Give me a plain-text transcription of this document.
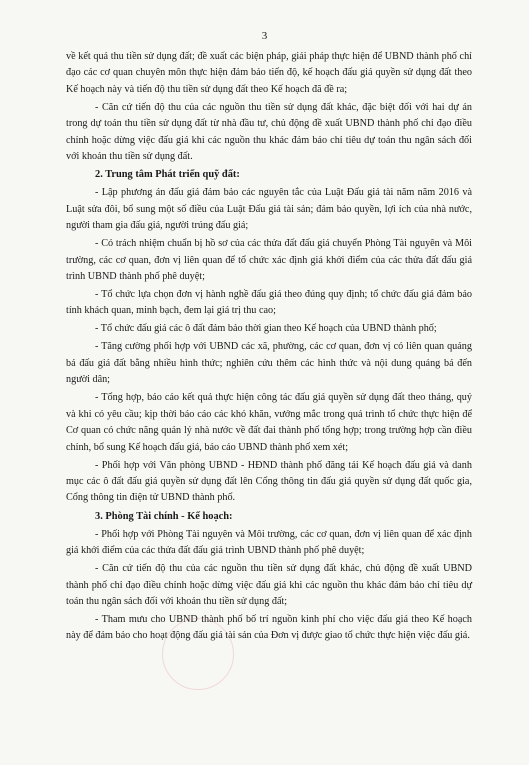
3

về kết quả thu tiền sử dụng đất; đề xuất các biện pháp, giải pháp thực hiện để UBND thành phố chỉ đạo các cơ quan chuyên môn thực hiện đảm bảo tiến độ, kế hoạch đấu giá quyền sử dụng đất theo Kế hoạch này và tiến độ thu tiền sử dụng đất theo Kế hoạch đã đề ra;

- Căn cứ tiến độ thu của các nguồn thu tiền sử dụng đất khác, đặc biệt đối với hai dự án trong dự toán thu tiền sử dụng đất từ nhà đầu tư, chủ động đề xuất UBND thành phố chỉ đạo điều chỉnh hoặc dừng việc đấu giá khi các nguồn thu khác đảm bảo chỉ tiêu dự toán thu ngân sách đối với khoản thu tiền sử dụng đất.

2. Trung tâm Phát triển quỹ đất:

- Lập phương án đấu giá đảm bảo các nguyên tắc của Luật Đấu giá tài năm năm 2016 và Luật sửa đôi, bổ sung một số điều của Luật Đấu giá tài sản; đảm bảo quyền, lợi ích của nhà nước, người tham gia đấu giá, người trúng đấu giá;

- Có trách nhiệm chuẩn bị hồ sơ của các thửa đất đấu giá chuyển Phòng Tài nguyên và Môi trường, các cơ quan, đơn vị liên quan để tổ chức xác định giá khởi điểm của các thửa đất đấu giá trình UBND thành phố phê duyệt;

- Tổ chức lựa chọn đơn vị hành nghề đấu giá theo đúng quy định; tổ chức đấu giá đảm bảo tính khách quan, minh bạch, đem lại giá trị thu cao;

- Tổ chức đấu giá các ô đất đảm bảo thời gian theo Kế hoạch của UBND thành phố;

- Tăng cường phối hợp với UBND các xã, phường, các cơ quan, đơn vị có liên quan quảng bá đấu giá đất bằng nhiều hình thức; nghiên cứu thêm các hình thức và nội dung quảng bá đến người dân;

- Tổng hợp, báo cáo kết quả thực hiện công tác đấu giá quyền sử dụng đất theo tháng, quý và khi có yêu cầu; kịp thời báo cáo các khó khăn, vướng mắc trong quá trình tổ chức thực hiện để Cơ quan có chức năng quản lý nhà nước về đất đai thành phố tổng hợp; trong trường hợp cần điều chỉnh, bổ sung Kế hoạch đấu giá, báo cáo UBND thành phố xem xét;

- Phối hợp với Văn phòng UBND - HĐND thành phố đăng tải Kế hoạch đấu giá và danh mục các ô đất đấu giá quyền sử dụng đất lên Cổng thông tin đấu giá quyền sử dụng đất quốc gia, Cổng thông tin điện tử UBND thành phố.

3. Phòng Tài chính - Kế hoạch:

- Phối hợp với Phòng Tài nguyên và Môi trường, các cơ quan, đơn vị liên quan để xác định giá khởi điểm của các thửa đất đấu giá trình UBND thành phố phê duyệt;

- Căn cứ tiến độ thu của các nguồn thu tiền sử dụng đất khác, chủ động đề xuất UBND thành phố chỉ đạo điều chỉnh hoặc dừng việc đấu giá khi các nguồn thu khác đảm bảo chỉ tiêu dự toán thu ngân sách đối với khoản thu tiền sử dụng đất;

- Tham mưu cho UBND thành phố bố trí nguồn kinh phí cho việc đấu giá theo Kế hoạch này để đảm bảo cho hoạt động đấu giá tài sản của Đơn vị được giao tổ chức thực hiện việc đấu giá.
